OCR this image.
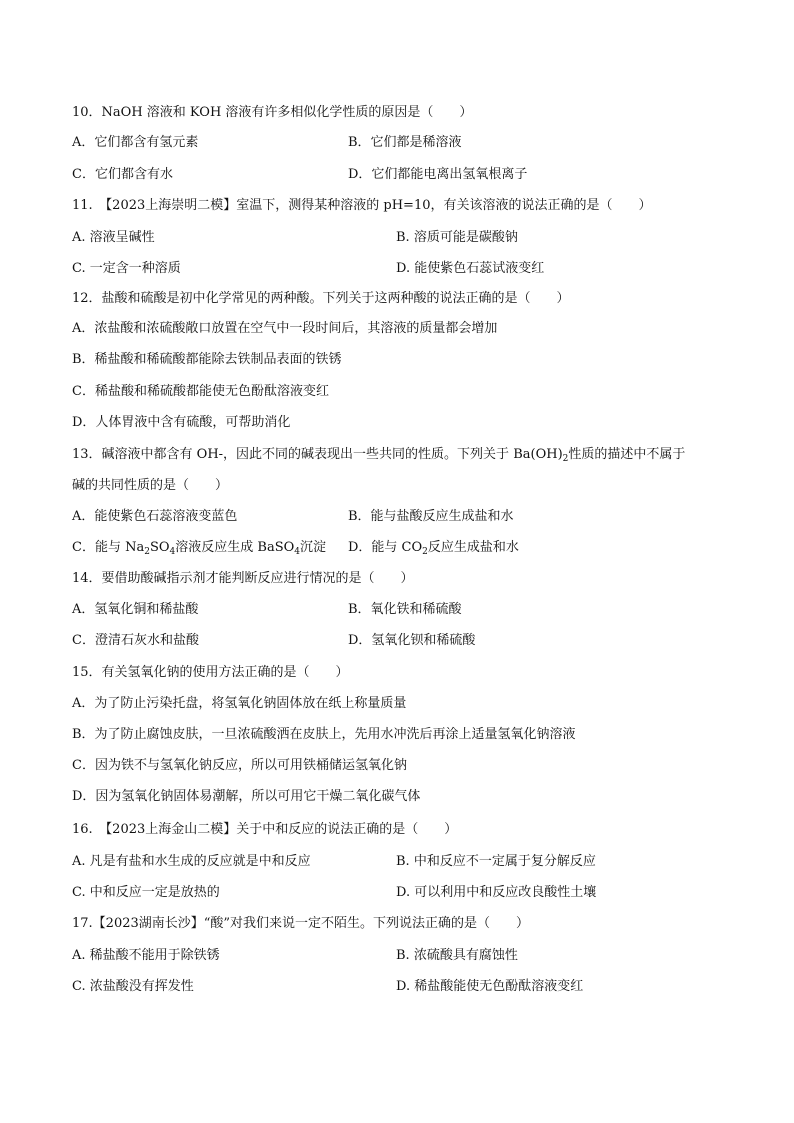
10．NaOH 溶液和 KOH 溶液有许多相似化学性质的原因是（　　）
A．它们都含有氢元素	B．它们都是稀溶液
C．它们都含有水	D．它们都能电离出氢氧根离子
11.　【2023上海崇明二模】室温下，测得某种溶液的 pH=10，有关该溶液的说法正确的是（　　）
A. 溶液呈碱性	B. 溶质可能是碳酸钠
C. 一定含一种溶质	D. 能使紫色石蕊试液变红
12．盐酸和硫酸是初中化学常见的两种酸。下列关于这两种酸的说法正确的是（　　）
A．浓盐酸和浓硫酸敞口放置在空气中一段时间后，其溶液的质量都会增加
B．稀盐酸和稀硫酸都能除去铁制品表面的铁锈
C．稀盐酸和稀硫酸都能使无色酚酞溶液变红
D．人体胃液中含有硫酸，可帮助消化
13．碱溶液中都含有 OH-，因此不同的碱表现出一些共同的性质。下列关于 $Ba(OH)_2$性质的描述中不属于
碱的共同性质的是（　　）
A．能使紫色石蕊溶液变蓝色	B．能与盐酸反应生成盐和水
C．能与 $Na_2SO_4$溶液反应生成 BaSO$_4$沉淀 D．能与 $CO_2$反应生成盐和水
14．要借助酸碱指示剂才能判断反应进行情况的是（　　）
A．氢氧化铜和稀盐酸	B．氧化铁和稀硫酸
C．澄清石灰水和盐酸	D．氢氧化钡和稀硫酸
15．有关氢氧化钠的使用方法正确的是（　　）
A．为了防止污染托盘，将氢氧化钠固体放在纸上称量质量
B．为了防止腐蚀皮肤，一旦浓硫酸洒在皮肤上，先用水冲洗后再涂上适量氢氧化钠溶液
C．因为铁不与氢氧化钠反应，所以可用铁桶储运氢氧化钠
D．因为氢氧化钠固体易潮解，所以可用它干燥二氧化碳气体
16.　【2023上海金山二模】关于中和反应的说法正确的是（　　）
A. 凡是有盐和水生成的反应就是中和反应	B. 中和反应不一定属于复分解反应
C. 中和反应一定是放热的	D. 可以利用中和反应改良酸性土壤
17.【2023湖南长沙】“酸”对我们来说一定不陌生。下列说法正确的是（　　）
A. 稀盐酸不能用于除铁锈	B. 浓硫酸具有腐蚀性
C. 浓盐酸没有挥发性	D. 稀盐酸能使无色酚酞溶液变红
